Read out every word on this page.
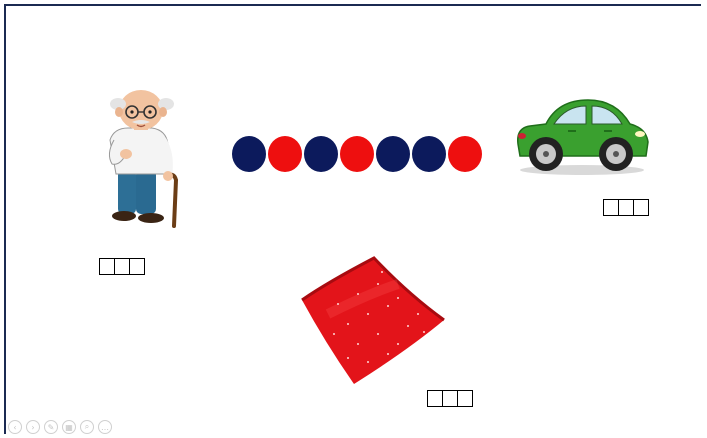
‹	›	✎	▦	⌕	…
